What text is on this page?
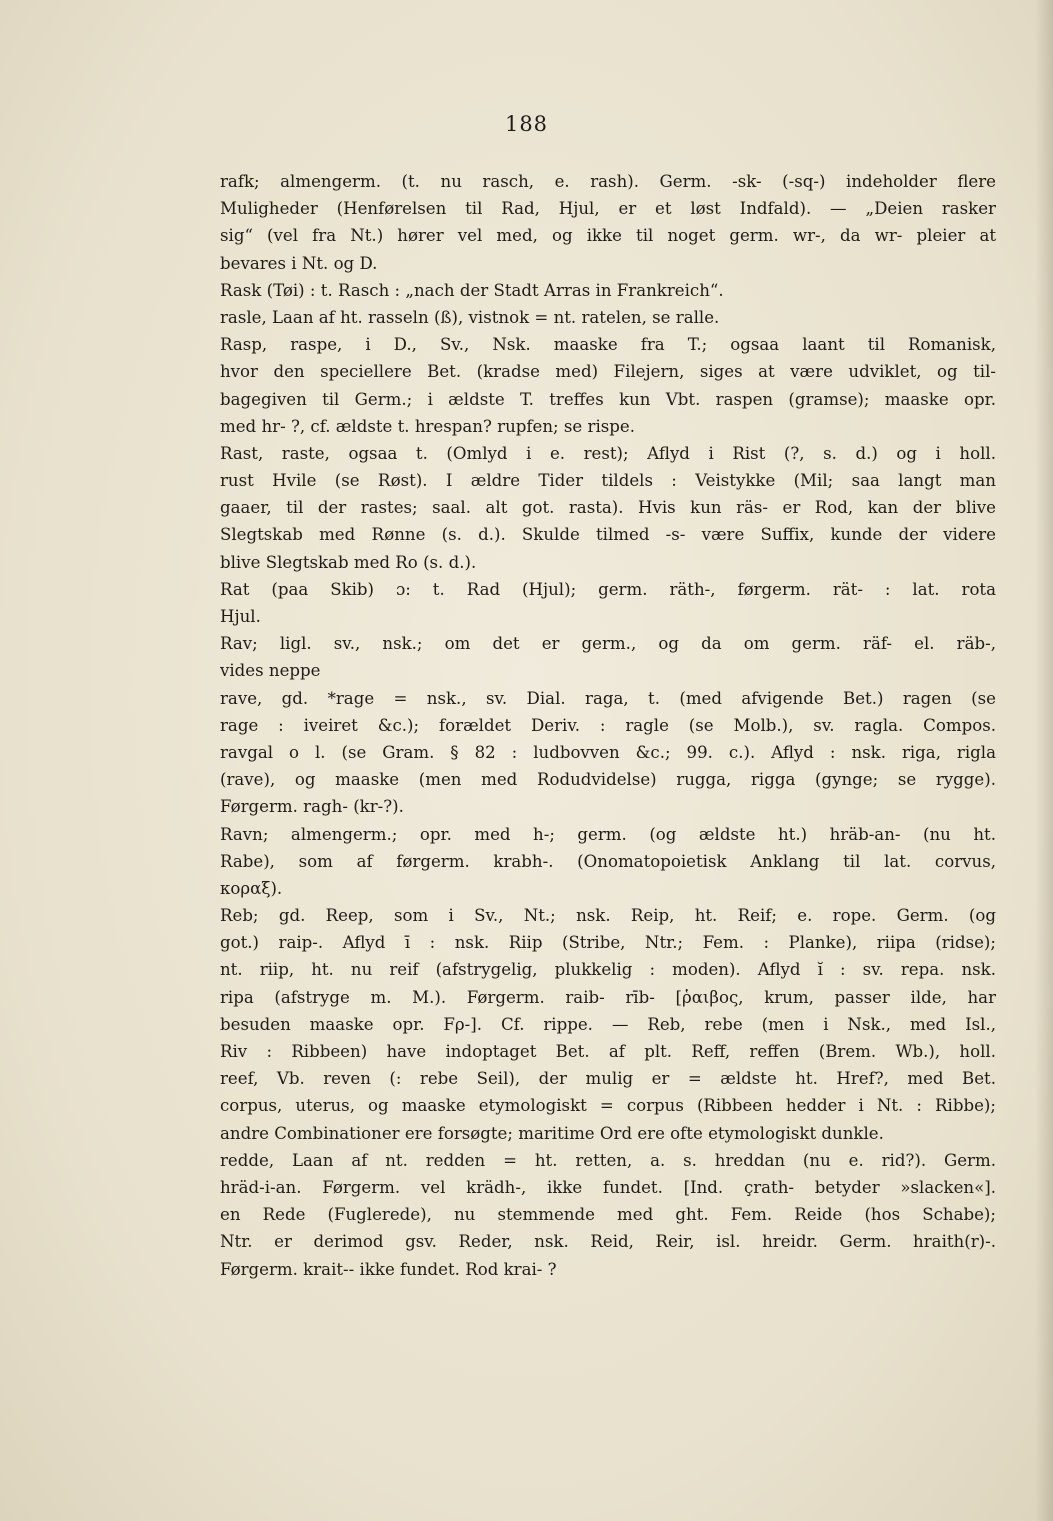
188
rafk; almengerm. (t. nu rasch, e. rash). Germ. -sk- (-sq-) indeholder flere
Muligheder (Henførelsen til Rad, Hjul, er et løst Indfald). — „Deien rasker
sig“ (vel fra Nt.) hører vel med, og ikke til noget germ. wr-, da wr- pleier at
bevares i Nt. og D.
Rask (Tøi) : t. Rasch : „nach der Stadt Arras in Frankreich“.
rasle, Laan af ht. rasseln (ß), vistnok = nt. ratelen, se ralle.
Rasp, raspe, i D., Sv., Nsk. maaske fra T.; ogsaa laant til Romanisk,
hvor den speciellere Bet. (kradse med) Filejern, siges at være udviklet, og til-
bagegiven til Germ.; i ældste T. treffes kun Vbt. raspen (gramse); maaske opr.
med hr- ?, cf. ældste t. hrespan? rupfen; se rispe.
Rast, raste, ogsaa t. (Omlyd i e. rest); Aflyd i Rist (?, s. d.) og i holl.
rust Hvile (se Røst). I ældre Tider tildels : Veistykke (Mil; saa langt man
gaaer, til der rastes; saal. alt got. rasta). Hvis kun räs- er Rod, kan der blive
Slegtskab med Rønne (s. d.). Skulde tilmed -s- være Suffix, kunde der videre
blive Slegtskab med Ro (s. d.).
Rat (paa Skib) ɔ: t. Rad (Hjul); germ. räth-, førgerm. rät- : lat. rota
Hjul.
Rav; ligl. sv., nsk.; om det er germ., og da om germ. räf- el. räb-,
vides neppe
rave, gd. *rage = nsk., sv. Dial. raga, t. (med afvigende Bet.) ragen (se
rage : iveiret &c.); forældet Deriv. : ragle (se Molb.), sv. ragla. Compos.
ravgal o l. (se Gram. § 82 : ludbovven &c.; 99. c.). Aflyd : nsk. riga, rigla
(rave), og maaske (men med Rodudvidelse) rugga, rigga (gynge; se rygge).
Førgerm. ragh- (kr-?).
Ravn; almengerm.; opr. med h-; germ. (og ældste ht.) hräb-an- (nu ht.
Rabe), som af førgerm. krabh-. (Onomatopoietisk Anklang til lat. corvus,
κοραξ).
Reb; gd. Reep, som i Sv., Nt.; nsk. Reip, ht. Reif; e. rope. Germ. (og
got.) raip-. Aflyd ī : nsk. Riip (Stribe, Ntr.; Fem. : Planke), riipa (ridse);
nt. riip, ht. nu reif (afstrygelig, plukkelig : moden). Aflyd ĭ : sv. repa. nsk.
ripa (afstryge m. M.). Førgerm. raib- rīb- [ῥαιβος, krum, passer ilde, har
besuden maaske opr. Fρ-]. Cf. rippe. — Reb, rebe (men i Nsk., med Isl.,
Riv : Ribbeen) have indoptaget Bet. af plt. Reff, reffen (Brem. Wb.), holl.
reef, Vb. reven (: rebe Seil), der mulig er = ældste ht. Href?, med Bet.
corpus, uterus, og maaske etymologiskt = corpus (Ribbeen hedder i Nt. : Ribbe);
andre Combinationer ere forsøgte; maritime Ord ere ofte etymologiskt dunkle.
redde, Laan af nt. redden = ht. retten, a. s. hreddan (nu e. rid?). Germ.
hräd-i-an. Førgerm. vel krädh-, ikke fundet. [Ind. çrath- betyder »slacken«].
en Rede (Fuglerede), nu stemmende med ght. Fem. Reide (hos Schabe);
Ntr. er derimod gsv. Reder, nsk. Reid, Reir, isl. hreidr. Germ. hraith(r)-.
Førgerm. krait-- ikke fundet. Rod krai- ?
